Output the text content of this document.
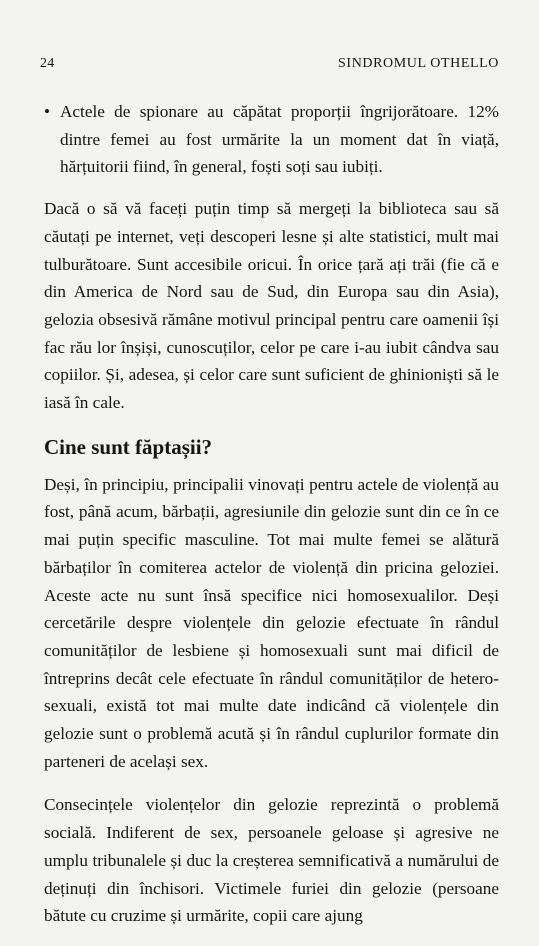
24	SINDROMUL OTHELLO
• Actele de spionare au căpătat proporții îngrijorătoare. 12% dintre femei au fost urmărite la un moment dat în viață, hărțuitorii fiind, în general, foști soți sau iubiți.

Dacă o să vă faceți puțin timp să mergeți la biblioteca sau să căutați pe internet, veți descoperi lesne și alte statistici, mult mai tulburătoare. Sunt accesibile oricui. În orice țară ați trăi (fie că e din America de Nord sau de Sud, din Europa sau din Asia), gelozia obsesivă rămâne motivul principal pentru care oamenii își fac rău lor înșiși, cunoscuților, celor pe care i-au iubit cândva sau copiilor. Și, adesea, și celor care sunt suficient de ghinioniști să le iasă în cale.

Cine sunt făptașii?

Deși, în principiu, principalii vinovați pentru actele de violență au fost, până acum, bărbații, agresiunile din gelozie sunt din ce în ce mai puțin specific masculine. Tot mai multe femei se alătură bărbaților în comiterea actelor de violență din pricina geloziei. Aceste acte nu sunt însă specifice nici homosexualilor. Deși cercetările despre violențele din gelozie efectuate în rândul comunităților de lesbiene și homosexuali sunt mai dificil de întreprins decât cele efectuate în rândul comunităților de heterosexuali, există tot mai multe date indicând că violențele din gelozie sunt o problemă acută și în rândul cuplurilor formate din parteneri de același sex.

Consecințele violențelor din gelozie reprezintă o problemă socială. Indiferent de sex, persoanele geloase și agresive ne umplu tribunalele și duc la creșterea semnificativă a numărului de deținuți din închisori. Victimele furiei din gelozie (persoane bătute cu cruzime și urmărite, copii care ajung
